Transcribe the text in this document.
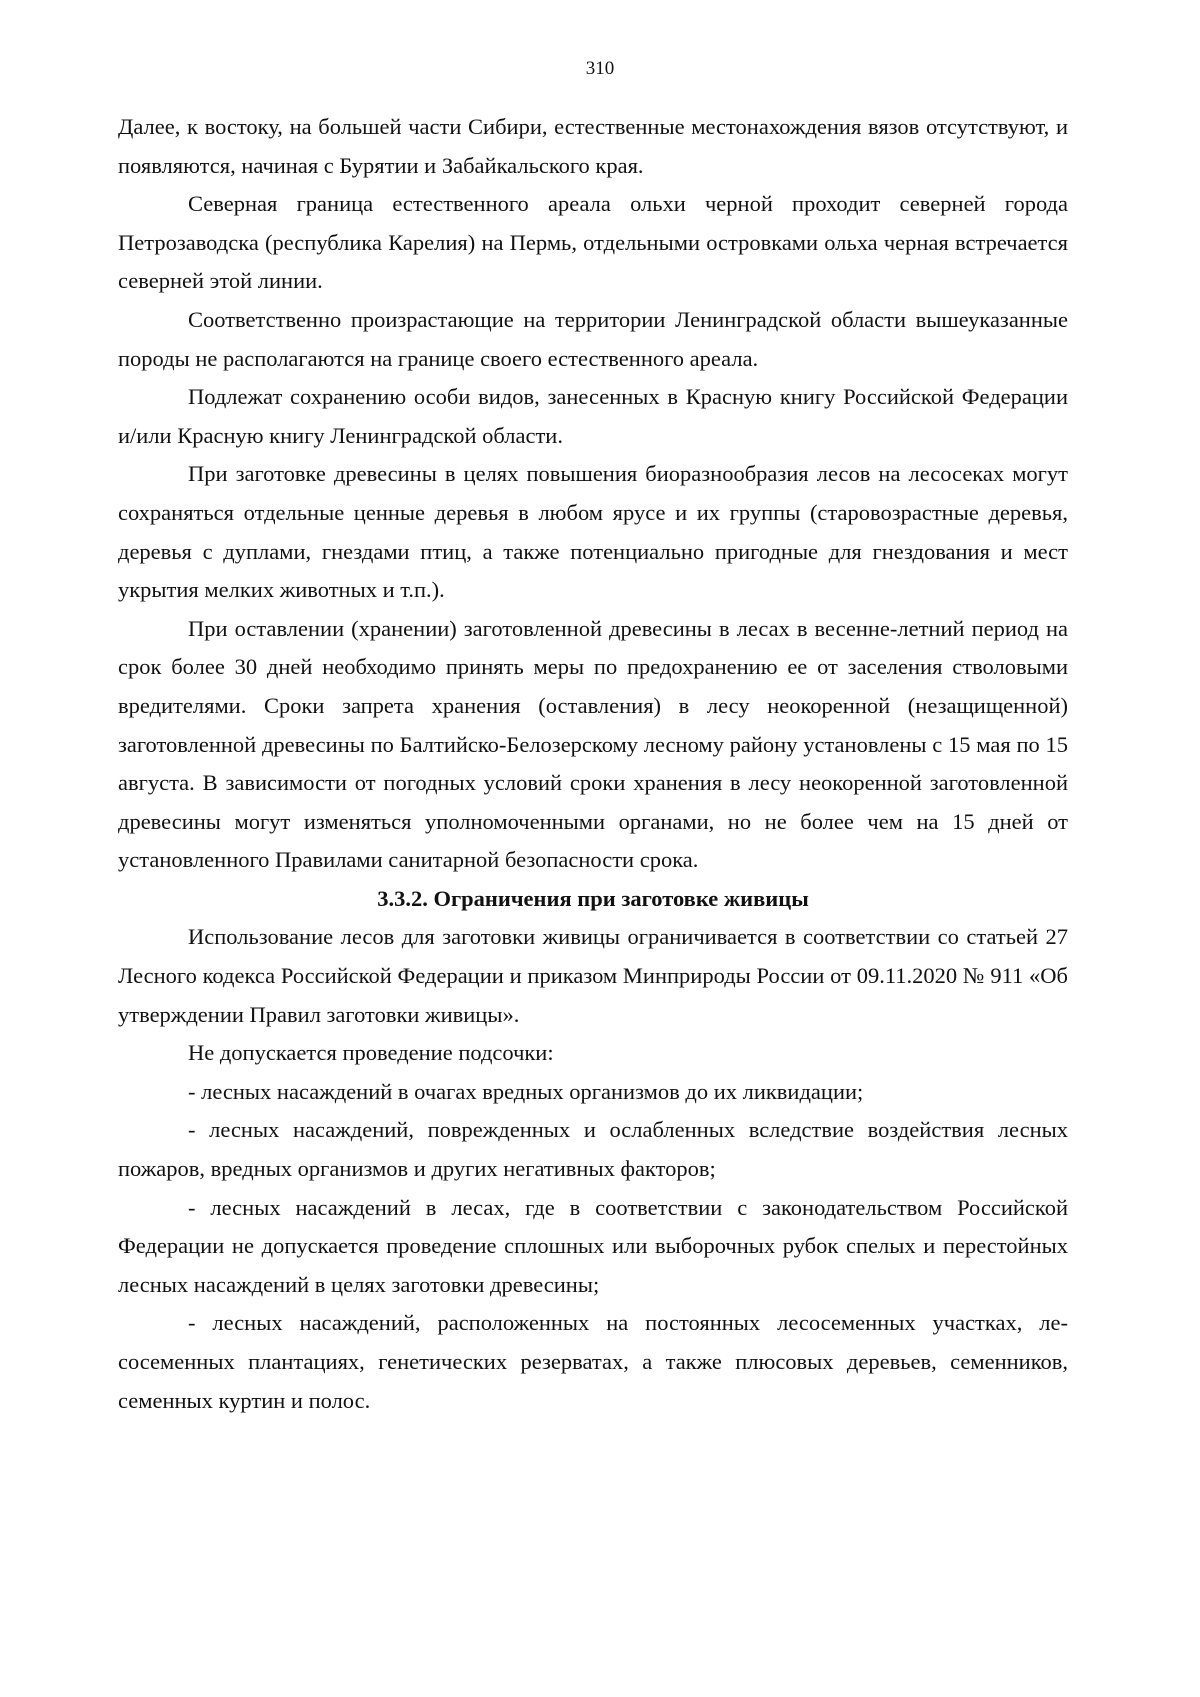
310

Далее, к востоку, на большей части Сибири, естественные местонахождения вязов отсутствуют, и появляются, начиная с Бурятии и Забайкальского края.

Северная граница естественного ареала ольхи черной проходит северней города Петрозаводска (республика Карелия) на Пермь, отдельными островками ольха черная встречается северней этой линии.

Соответственно произрастающие на территории Ленинградской области вышеуказанные породы не располагаются на границе своего естественного ареала.

Подлежат сохранению особи видов, занесенных в Красную книгу Российской Федерации и/или Красную книгу Ленинградской области.

При заготовке древесины в целях повышения биоразнообразия лесов на лесосеках могут сохраняться отдельные ценные деревья в любом ярусе и их группы (старовозрастные деревья, деревья с дуплами, гнездами птиц, а также потенциально пригодные для гнездования и мест укрытия мелких животных и т.п.).

При оставлении (хранении) заготовленной древесины в лесах в весенне-летний период на срок более 30 дней необходимо принять меры по предохранению ее от заселения стволовыми вредителями. Сроки запрета хранения (оставления) в лесу неокоренной (незащищенной) заготовленной древесины по Балтийско-Белозерскому лесному району установлены с 15 мая по 15 августа. В зависимости от погодных условий сроки хранения в лесу неокоренной заготовленной древесины могут изменяться уполномоченными органами, но не более чем на 15 дней от установленного Правилами санитарной безопасности срока.

3.3.2. Ограничения при заготовке живицы

Использование лесов для заготовки живицы ограничивается в соответствии со статьей 27 Лесного кодекса Российской Федерации и приказом Минприроды России от 09.11.2020 № 911 «Об утверждении Правил заготовки живицы».

Не допускается проведение подсочки:

- лесных насаждений в очагах вредных организмов до их ликвидации;

- лесных насаждений, поврежденных и ослабленных вследствие воздействия лесных пожаров, вредных организмов и других негативных факторов;

- лесных насаждений в лесах, где в соответствии с законодательством Российской Федерации не допускается проведение сплошных или выборочных рубок спелых и перестойных лесных насаждений в целях заготовки древесины;

- лесных насаждений, расположенных на постоянных лесосеменных участках, лесосеменных плантациях, генетических резерватах, а также плюсовых деревьев, семенников, семенных куртин и полос.
